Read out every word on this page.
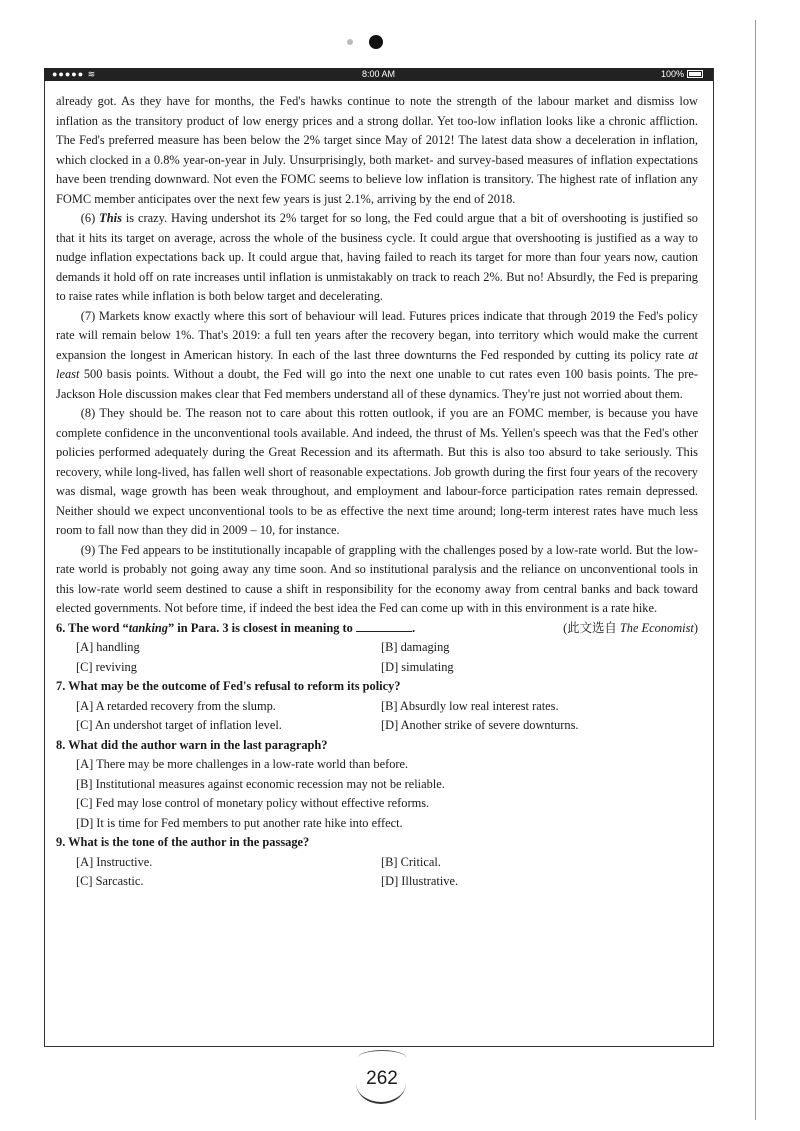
●●●●● ≋	8:00 AM	100%

already got. As they have for months, the Fed's hawks continue to note the strength of the labour market and dismiss low inflation as the transitory product of low energy prices and a strong dollar. Yet too-low inflation looks like a chronic affliction. The Fed's preferred measure has been below the 2% target since May of 2012! The latest data show a deceleration in inflation, which clocked in a 0.8% year-on-year in July. Unsurprisingly, both market- and survey-based measures of inflation expectations have been trending downward. Not even the FOMC seems to believe low inflation is transitory. The highest rate of inflation any FOMC member anticipates over the next few years is just 2.1%, arriving by the end of 2018.

(6) This is crazy. Having undershot its 2% target for so long, the Fed could argue that a bit of overshooting is justified so that it hits its target on average, across the whole of the business cycle. It could argue that overshooting is justified as a way to nudge inflation expectations back up. It could argue that, having failed to reach its target for more than four years now, caution demands it hold off on rate increases until inflation is unmistakably on track to reach 2%. But no! Absurdly, the Fed is preparing to raise rates while inflation is both below target and decelerating.

(7) Markets know exactly where this sort of behaviour will lead. Futures prices indicate that through 2019 the Fed's policy rate will remain below 1%. That's 2019: a full ten years after the recovery began, into territory which would make the current expansion the longest in American history. In each of the last three downturns the Fed responded by cutting its policy rate at least 500 basis points. Without a doubt, the Fed will go into the next one unable to cut rates even 100 basis points. The pre-Jackson Hole discussion makes clear that Fed members understand all of these dynamics. They're just not worried about them.

(8) They should be. The reason not to care about this rotten outlook, if you are an FOMC member, is because you have complete confidence in the unconventional tools available. And indeed, the thrust of Ms. Yellen's speech was that the Fed's other policies performed adequately during the Great Recession and its aftermath. But this is also too absurd to take seriously. This recovery, while long-lived, has fallen well short of reasonable expectations. Job growth during the first four years of the recovery was dismal, wage growth has been weak throughout, and employment and labour-force participation rates remain depressed. Neither should we expect unconventional tools to be as effective the next time around; long-term interest rates have much less room to fall now than they did in 2009 – 10, for instance.

(9) The Fed appears to be institutionally incapable of grappling with the challenges posed by a low-rate world. But the low-rate world is probably not going away any time soon. And so institutional paralysis and the reliance on unconventional tools in this low-rate world seem destined to cause a shift in responsibility for the economy away from central banks and back toward elected governments. Not before time, if indeed the best idea the Fed can come up with in this environment is a rate hike.
(此文选自 The Economist)

6. The word “tanking” in Para. 3 is closest in meaning to	.

[A] handling	[B] damaging
[C] reviving	[D] simulating

7. What may be the outcome of Fed's refusal to reform its policy?

[A] A retarded recovery from the slump.	[B] Absurdly low real interest rates.
[C] An undershot target of inflation level.	[D] Another strike of severe downturns.

8. What did the author warn in the last paragraph?

[A] There may be more challenges in a low-rate world than before.
[B] Institutional measures against economic recession may not be reliable.
[C] Fed may lose control of monetary policy without effective reforms.
[D] It is time for Fed members to put another rate hike into effect.

9. What is the tone of the author in the passage?

[A] Instructive.	[B] Critical.
[C] Sarcastic.	[D] Illustrative.
262
